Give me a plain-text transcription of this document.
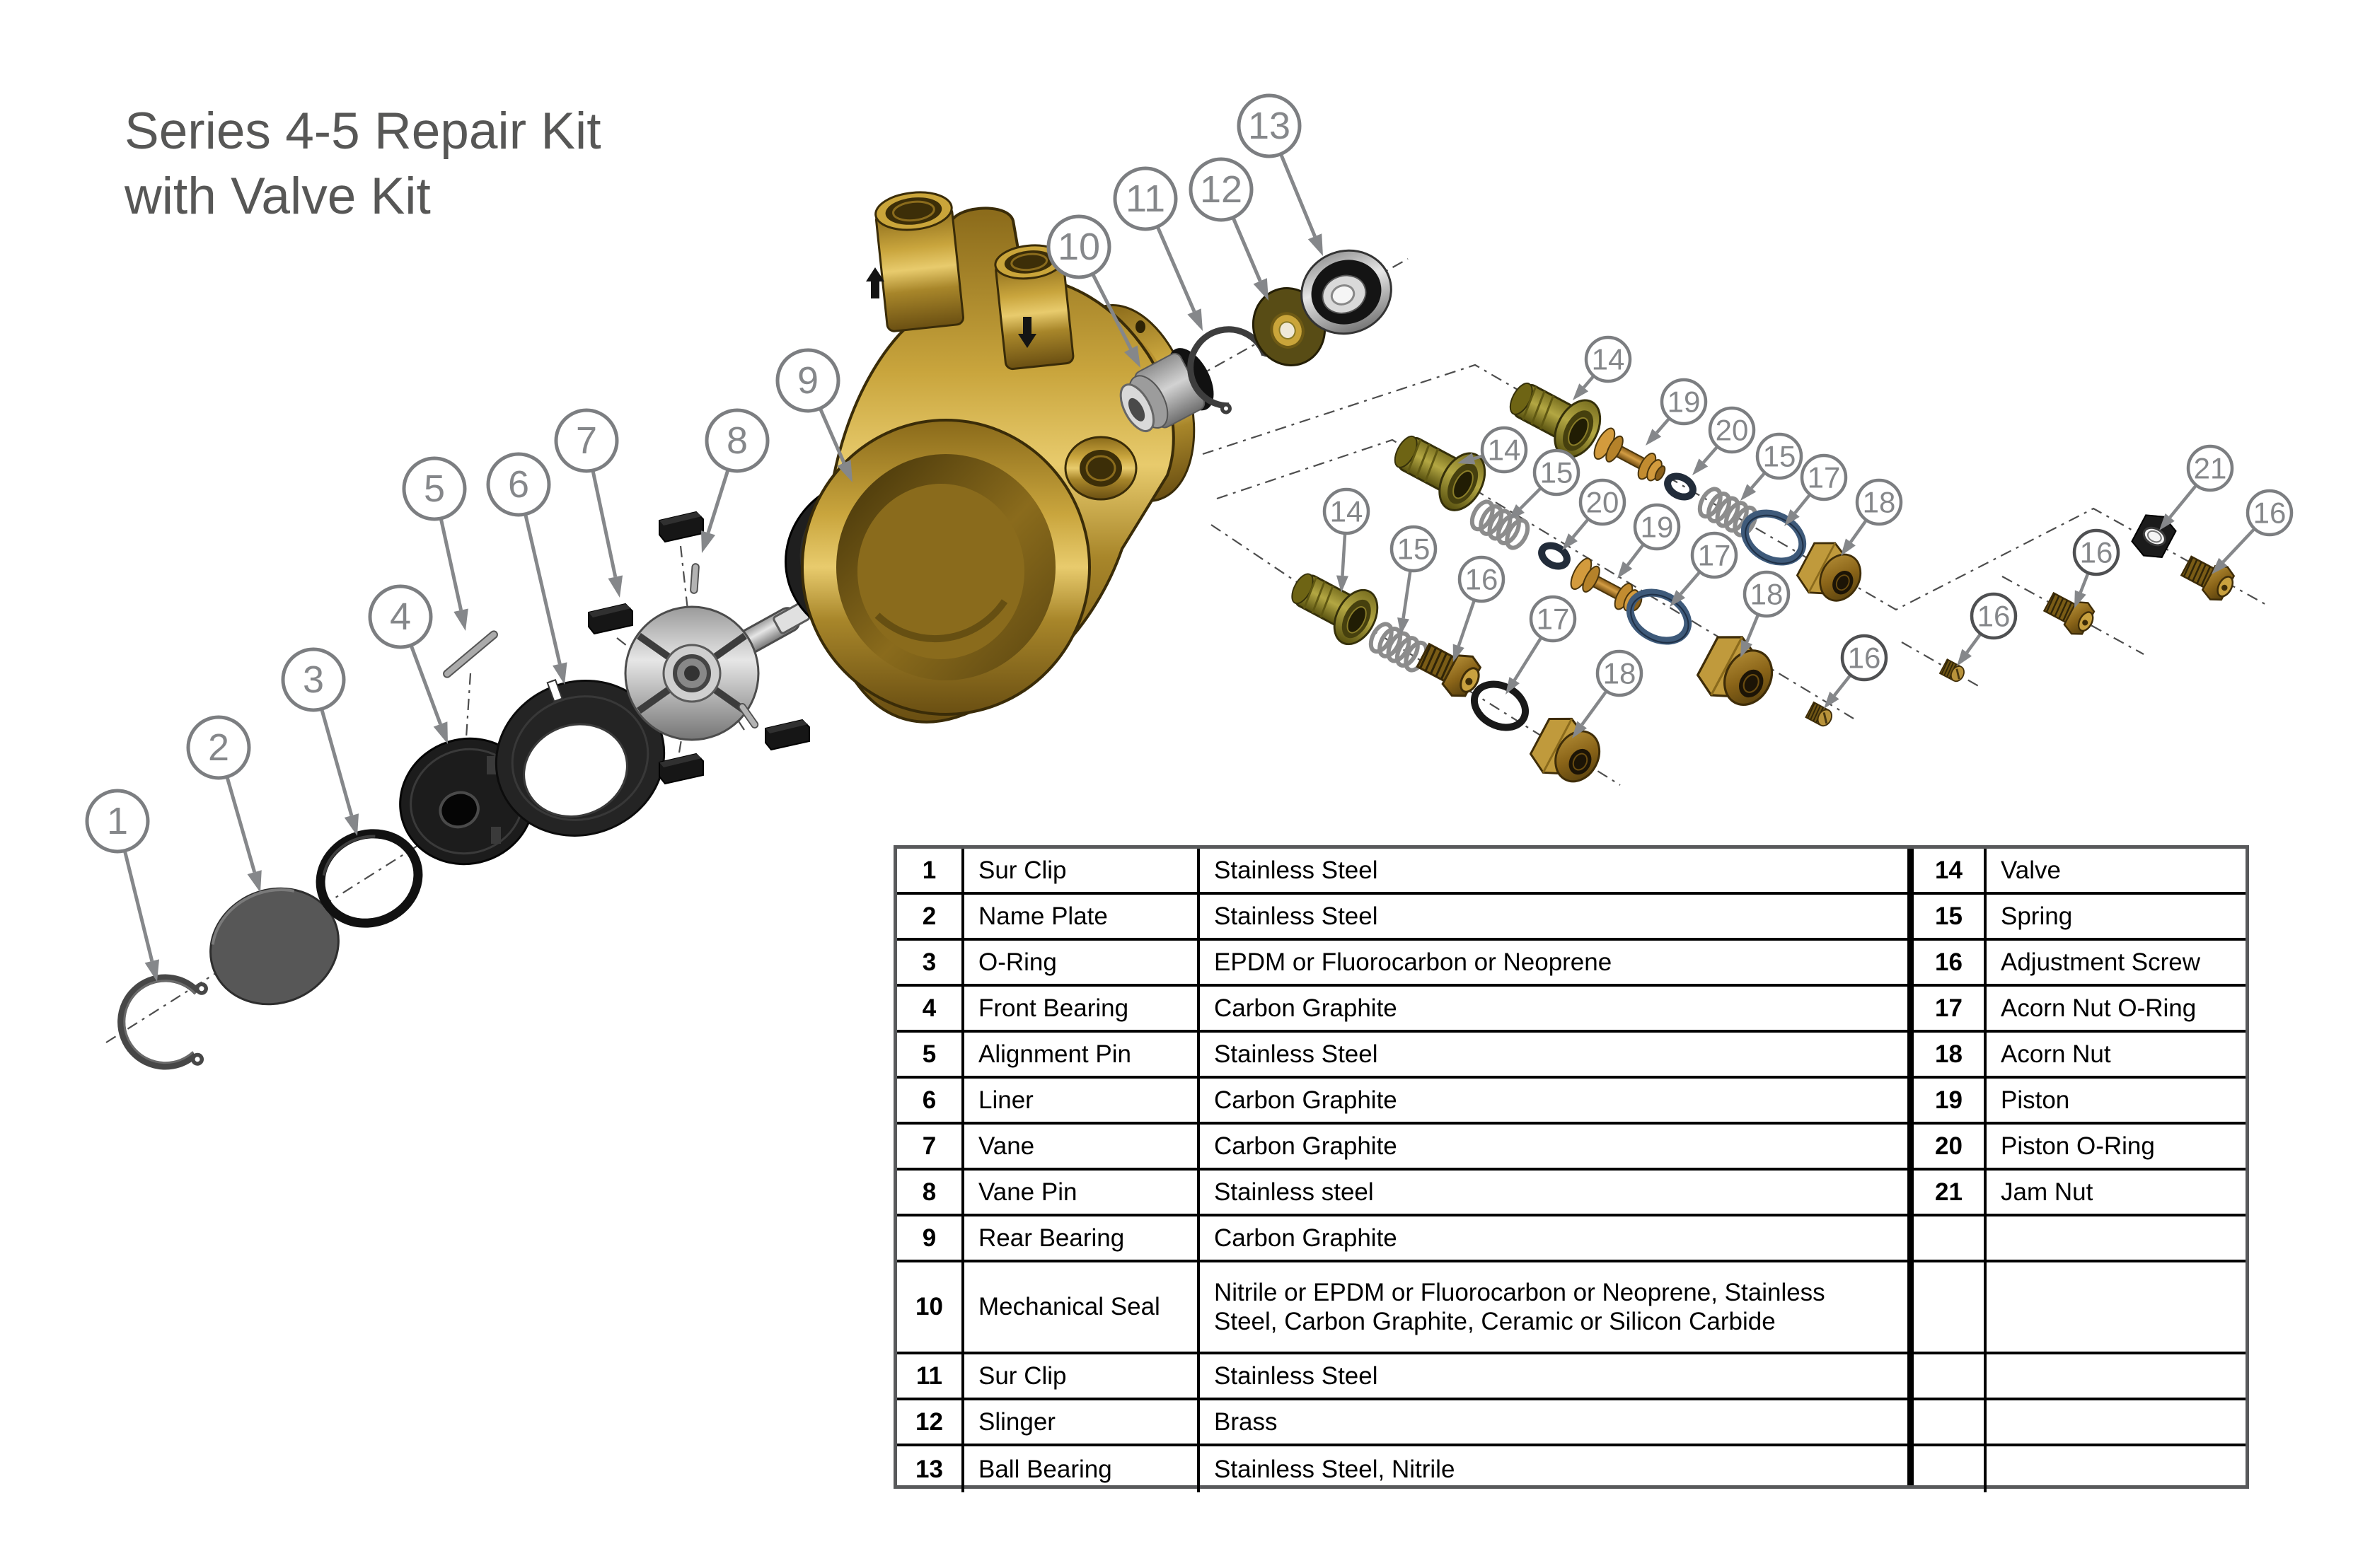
Series 4-5 Repair Kit
with Valve Kit
1
2
3
4
5 6
7	8
9
10
11 12
13
14
19
20
15
17
18
14
15
20
19
17
18
14
15
16
17
18	16
16
16
21
16
1	Sur Clip	Stainless Steel
2	Name Plate	Stainless Steel
3	O-Ring	EPDM or Fluorocarbon or Neoprene
4	Front Bearing	Carbon Graphite
5	Alignment Pin	Stainless Steel
6	Liner	Carbon Graphite
7	Vane	Carbon Graphite
8	Vane Pin	Stainless steel
9	Rear Bearing	Carbon Graphite
10	Mechanical Seal
Nitrile or EPDM or Fluorocarbon or Neoprene, Stainless Steel, Carbon Graphite, Ceramic or Silicon Carbide
11	Sur Clip	Stainless Steel
12	Slinger	Brass
13	Ball Bearing	Stainless Steel, Nitrile
14	Valve
15	Spring
16	Adjustment Screw
17	Acorn Nut O-Ring
18	Acorn Nut
19	Piston
20	Piston O-Ring
21	Jam Nut
